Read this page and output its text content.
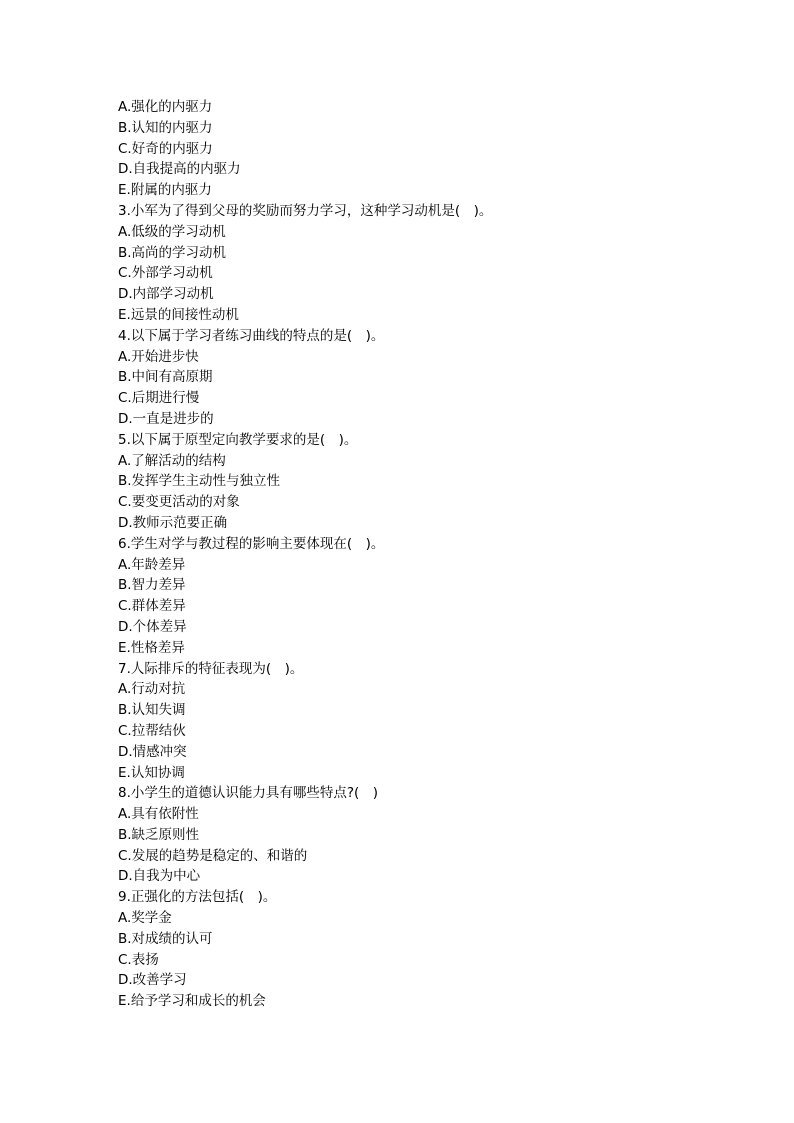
A.强化的内驱力
B.认知的内驱力
C.好奇的内驱力
D.自我提高的内驱力
E.附属的内驱力
3.小军为了得到父母的奖励而努力学习，这种学习动机是(　)。
A.低级的学习动机
B.高尚的学习动机
C.外部学习动机
D.内部学习动机
E.远景的间接性动机
4.以下属于学习者练习曲线的特点的是(　)。
A.开始进步快
B.中间有高原期
C.后期进行慢
D.一直是进步的
5.以下属于原型定向教学要求的是(　)。
A.了解活动的结构
B.发挥学生主动性与独立性
C.要变更活动的对象
D.教师示范要正确
6.学生对学与教过程的影响主要体现在(　)。
A.年龄差异
B.智力差异
C.群体差异
D.个体差异
E.性格差异
7.人际排斥的特征表现为(　)。
A.行动对抗
B.认知失调
C.拉帮结伙
D.情感冲突
E.认知协调
8.小学生的道德认识能力具有哪些特点?(　)
A.具有依附性
B.缺乏原则性
C.发展的趋势是稳定的、和谐的
D.自我为中心
9.正强化的方法包括(　)。
A.奖学金
B.对成绩的认可
C.表扬
D.改善学习
E.给予学习和成长的机会
